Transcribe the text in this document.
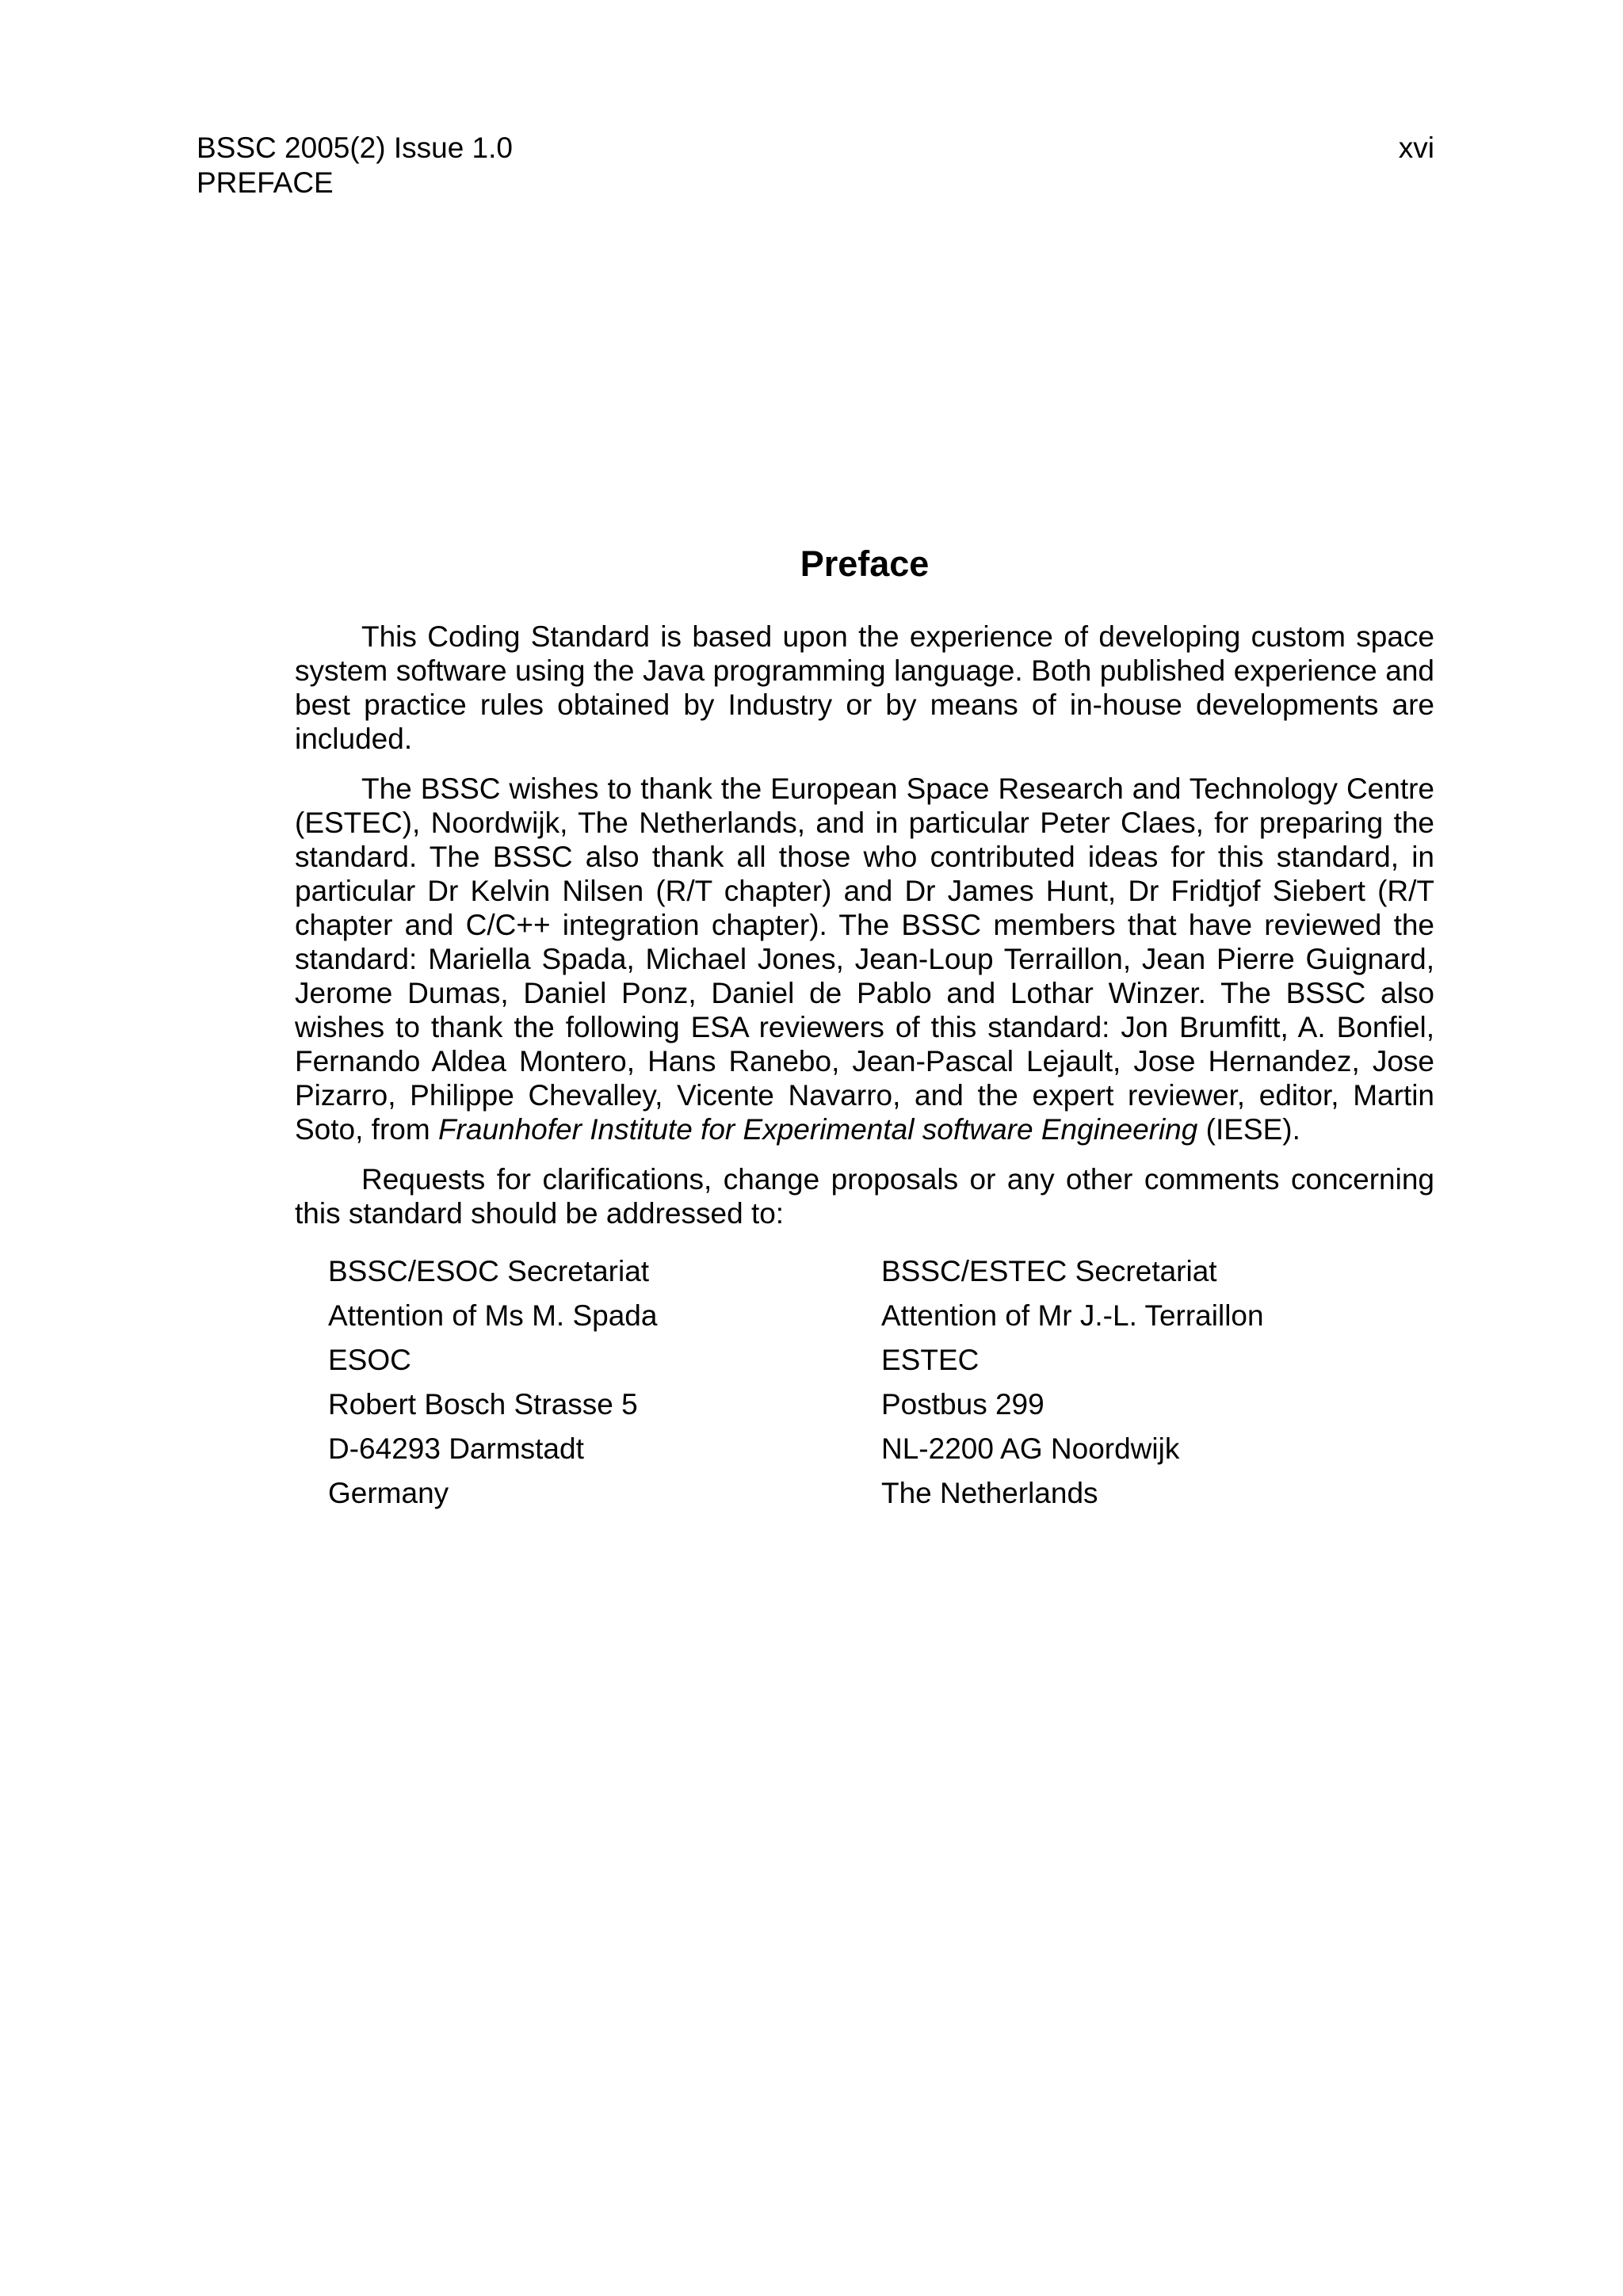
BSSC 2005(2) Issue 1.0
PREFACE
xvi
Preface

This Coding Standard is based upon the experience of developing custom space system software using the Java programming language. Both published experience and best practice rules obtained by Industry or by means of in-house developments are included.

The BSSC wishes to thank the European Space Research and Technology Centre (ESTEC), Noordwijk, The Netherlands, and in particular Peter Claes, for preparing the standard. The BSSC also thank all those who contributed ideas for this standard, in particular Dr Kelvin Nilsen (R/T chapter) and Dr James Hunt, Dr Fridtjof Siebert (R/T chapter and C/C++ integration chapter). The BSSC members that have reviewed the standard: Mariella Spada, Michael Jones, Jean-Loup Terraillon, Jean Pierre Guignard, Jerome Dumas, Daniel Ponz, Daniel de Pablo and Lothar Winzer. The BSSC also wishes to thank the following ESA reviewers of this standard: Jon Brumfitt, A. Bonfiel, Fernando Aldea Montero, Hans Ranebo, Jean-Pascal Lejault, Jose Hernandez, Jose Pizarro, Philippe Chevalley, Vicente Navarro, and the expert reviewer, editor, Martin Soto, from Fraunhofer Institute for Experimental software Engineering (IESE).

Requests for clarifications, change proposals or any other comments concerning this standard should be addressed to:

BSSC/ESOC Secretariat	BSSC/ESTEC Secretariat
Attention of Ms M. Spada	Attention of Mr J.-L. Terraillon
ESOC	ESTEC
Robert Bosch Strasse 5	Postbus 299
D-64293 Darmstadt	NL-2200 AG Noordwijk
Germany	The Netherlands
